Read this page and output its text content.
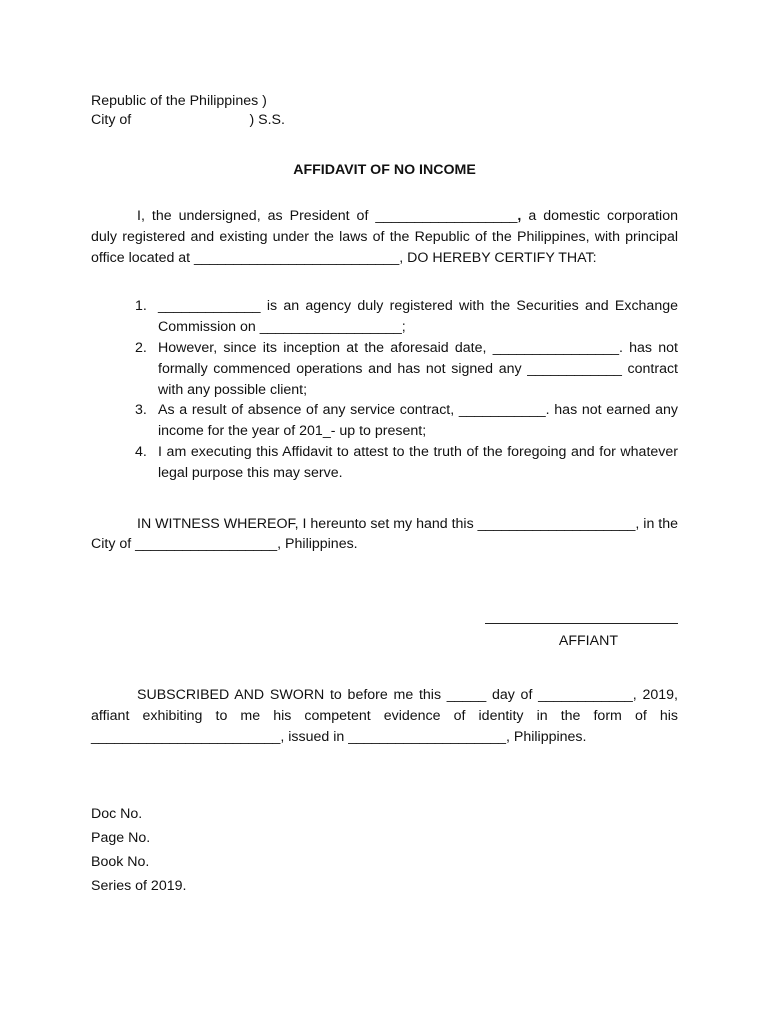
Republic of the Philippines )
City of                              ) S.S.
AFFIDAVIT OF NO INCOME

I, the undersigned, as President of __________________, a domestic corporation duly registered and existing under the laws of the Republic of the Philippines, with principal office located at __________________________, DO HEREBY CERTIFY THAT:

1. _____________ is an agency duly registered with the Securities and Exchange Commission on __________________;
2. However, since its inception at the aforesaid date, ________________. has not formally commenced operations and has not signed any ____________ contract with any possible client;
3. As a result of absence of any service contract, ___________. has not earned any income for the year of 201_- up to present;
4. I am executing this Affidavit to attest to the truth of the foregoing and for whatever legal purpose this may serve.

IN WITNESS WHEREOF, I hereunto set my hand this ____________________, in the City of __________________, Philippines.

AFFIANT

SUBSCRIBED AND SWORN to before me this _____ day of ____________, 2019, affiant exhibiting to me his competent evidence of identity in the form of his ________________________, issued in ____________________, Philippines.

Doc No.
Page No.
Book No.
Series of 2019.
